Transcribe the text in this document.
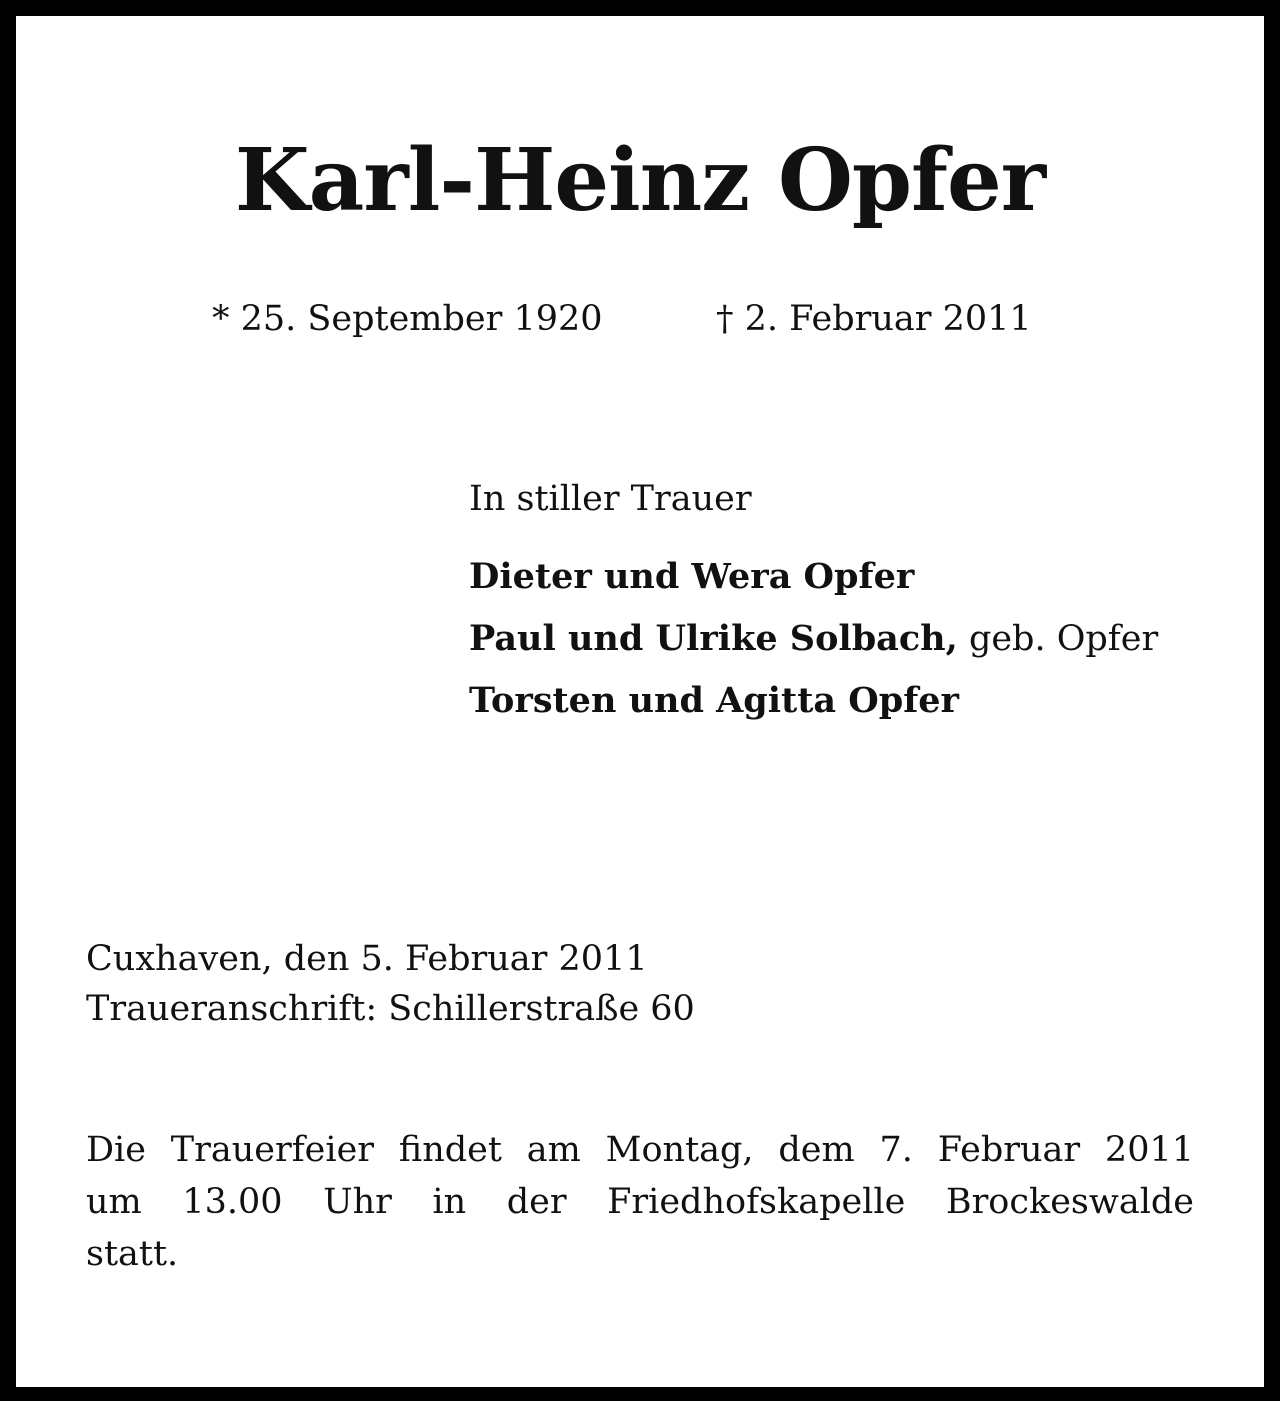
Karl-Heinz Opfer
* 25. September 1920	† 2. Februar 2011
In stiller Trauer
Dieter und Wera Opfer
Paul und Ulrike Solbach, geb. Opfer
Torsten und Agitta Opfer
Cuxhaven, den 5. Februar 2011
Traueranschrift: Schillerstraße 60
Die Trauerfeier findet am Montag, dem 7. Februar 2011
um 13.00 Uhr in der Friedhofskapelle Brockeswalde
statt.
